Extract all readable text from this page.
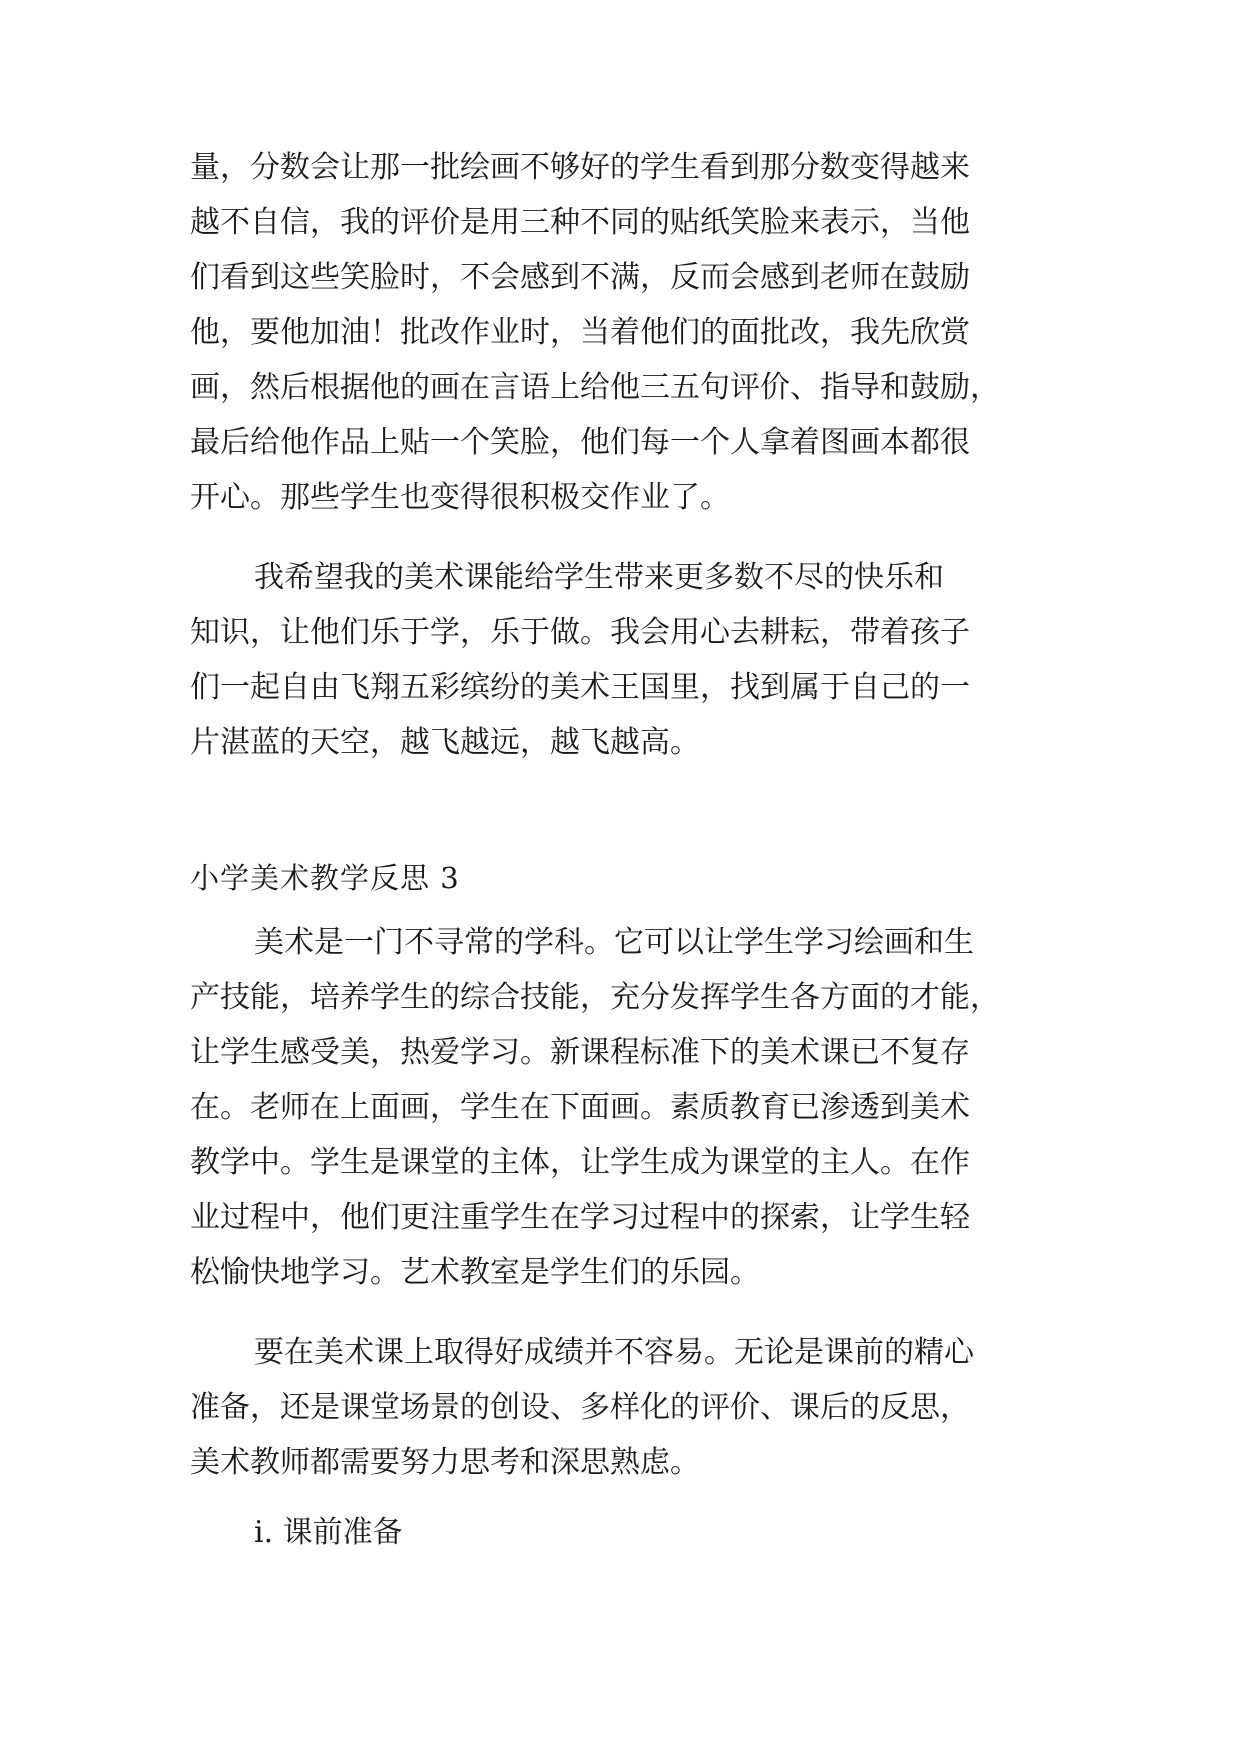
量，分数会让那一批绘画不够好的学生看到那分数变得越来
越不自信，我的评价是用三种不同的贴纸笑脸来表示，当他
们看到这些笑脸时，不会感到不满，反而会感到老师在鼓励
他，要他加油！批改作业时，当着他们的面批改，我先欣赏
画，然后根据他的画在言语上给他三五句评价、指导和鼓励，
最后给他作品上贴一个笑脸，他们每一个人拿着图画本都很
开心。那些学生也变得很积极交作业了。
我希望我的美术课能给学生带来更多数不尽的快乐和
知识，让他们乐于学，乐于做。我会用心去耕耘，带着孩子
们一起自由飞翔五彩缤纷的美术王国里，找到属于自己的一
片湛蓝的天空，越飞越远，越飞越高。
小学美术教学反思 3
美术是一门不寻常的学科。它可以让学生学习绘画和生
产技能，培养学生的综合技能，充分发挥学生各方面的才能，
让学生感受美，热爱学习。新课程标准下的美术课已不复存
在。老师在上面画，学生在下面画。素质教育已渗透到美术
教学中。学生是课堂的主体，让学生成为课堂的主人。在作
业过程中，他们更注重学生在学习过程中的探索，让学生轻
松愉快地学习。艺术教室是学生们的乐园。
要在美术课上取得好成绩并不容易。无论是课前的精心
准备，还是课堂场景的创设、多样化的评价、课后的反思，
美术教师都需要努力思考和深思熟虑。
i. 课前准备
